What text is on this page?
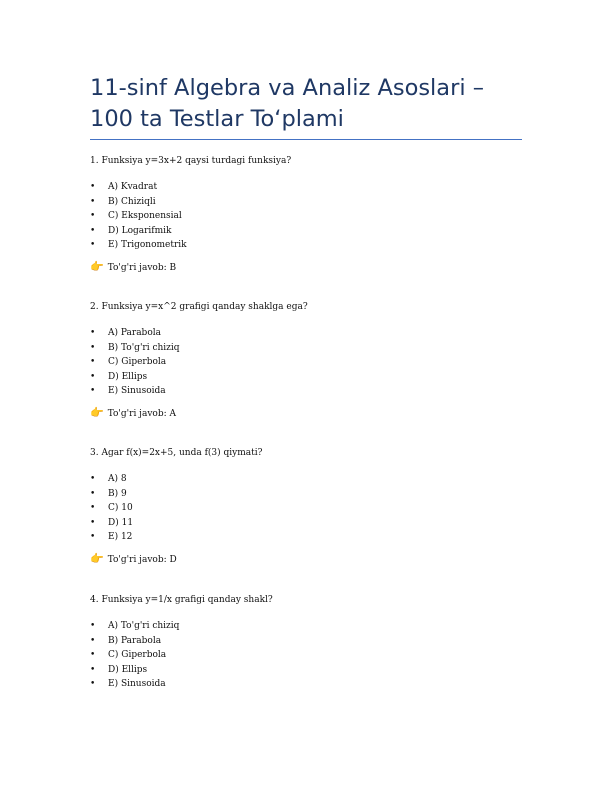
11-sinf Algebra va Analiz Asoslari – 100 ta Testlar To‘plami

1. Funksiya y=3x+2 qaysi turdagi funksiya?

• A) Kvadrat
• B) Chiziqli
• C) Eksponensial
• D) Logarifmik
• E) Trigonometrik
👉 To'g'ri javob: B

2. Funksiya y=x^2 grafigi qanday shaklga ega?

• A) Parabola
• B) To'g'ri chiziq
• C) Giperbola
• D) Ellips
• E) Sinusoida
👉 To'g'ri javob: A

3. Agar f(x)=2x+5, unda f(3) qiymati?

• A) 8
• B) 9
• C) 10
• D) 11
• E) 12
👉 To'g'ri javob: D

4. Funksiya y=1/x grafigi qanday shakl?

• A) To'g'ri chiziq
• B) Parabola
• C) Giperbola
• D) Ellips
• E) Sinusoida
